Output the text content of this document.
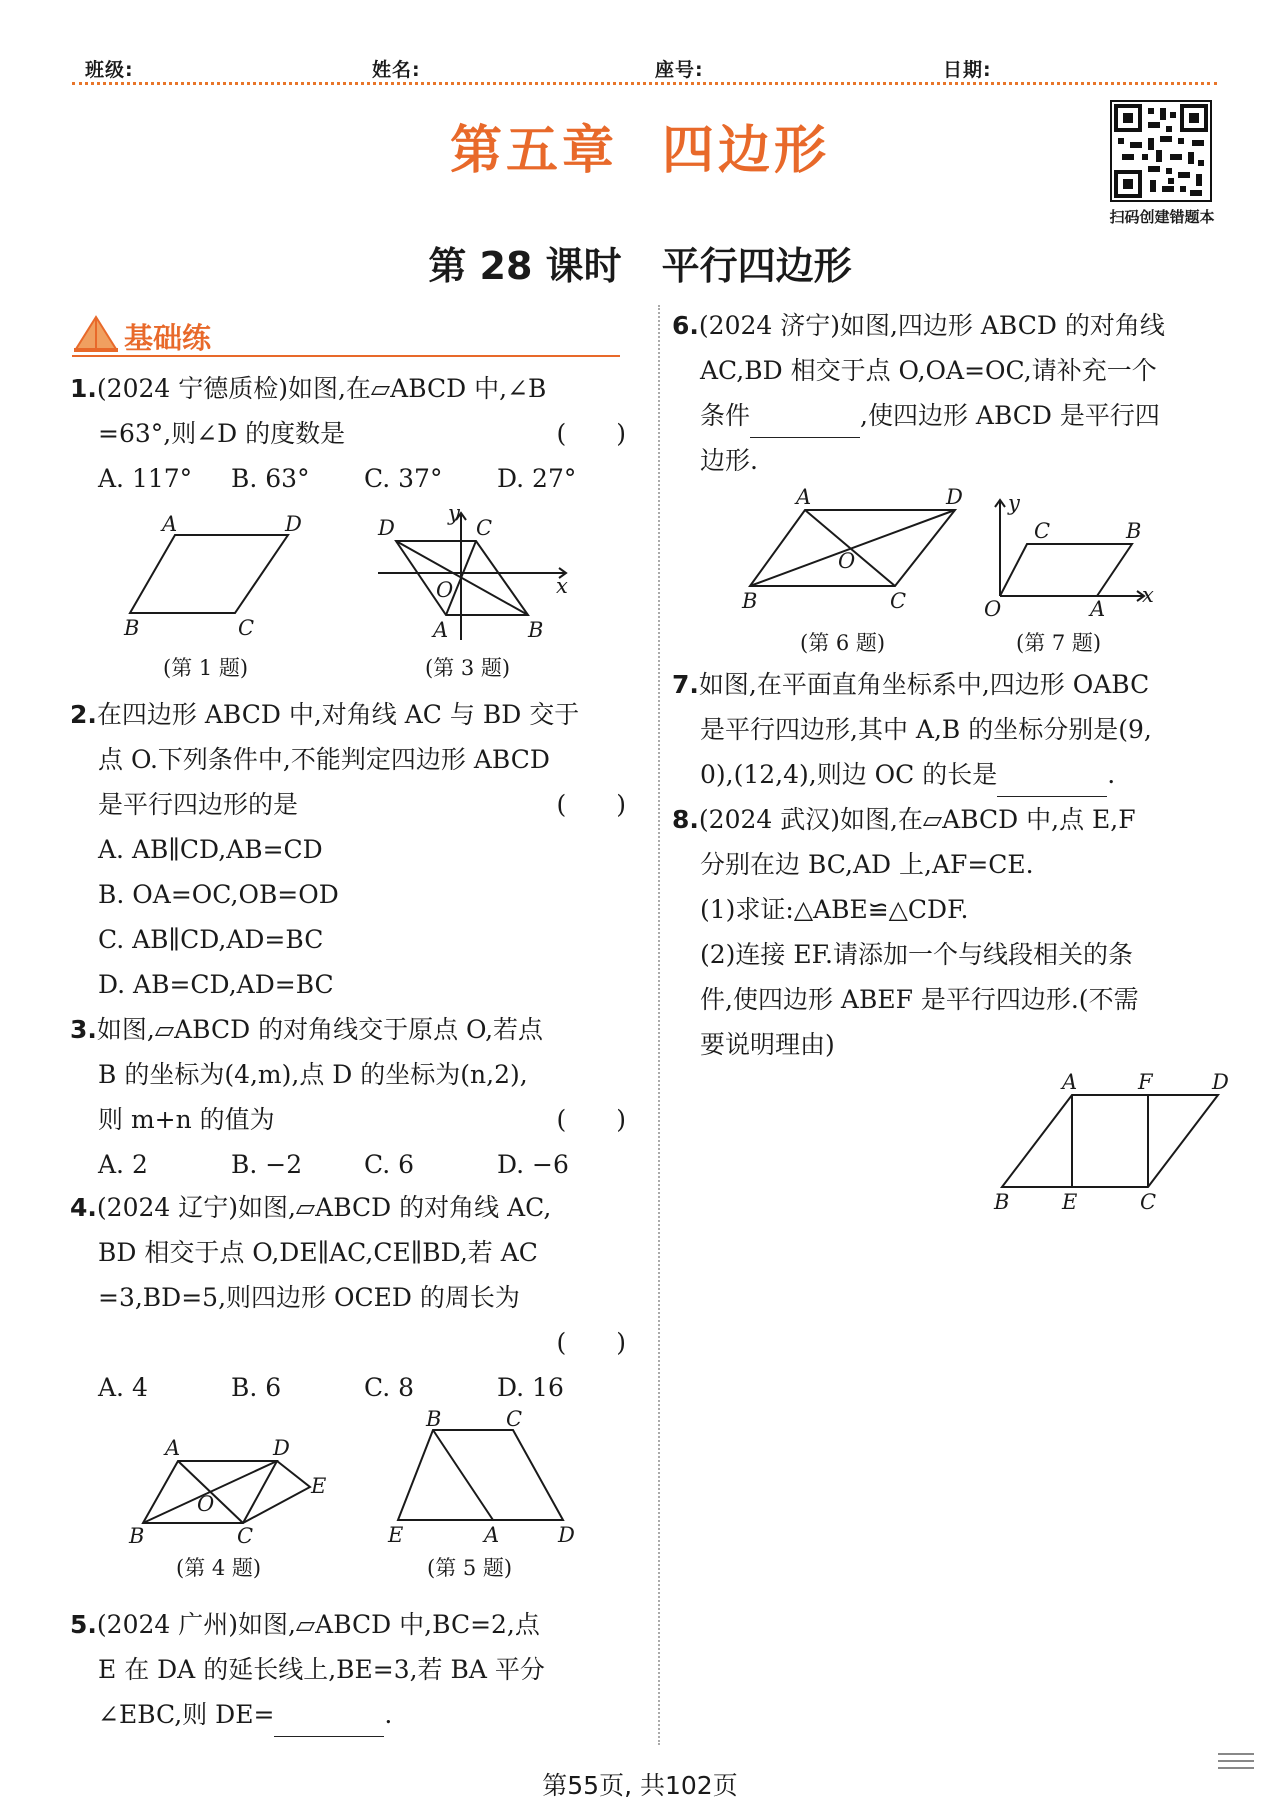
班级:	姓名:	座号:	日期:
第五章 四边形
扫码创建错题本
第 28 课时 平行四边形
基础练
1.(2024 宁德质检)如图,在▱ABCD 中,∠B
=63°,则∠D 的度数是	(　　)
A. 117°	B. 63°	C. 37°	D. 27°
A	D
B	C
(第 1 题)
D	C
y
x
O
A	B
(第 3 题)
2.在四边形 ABCD 中,对角线 AC 与 BD 交于
点 O.下列条件中,不能判定四边形 ABCD
是平行四边形的是	(　　)
A. AB∥CD,AB=CD
B. OA=OC,OB=OD
C. AB∥CD,AD=BC
D. AB=CD,AD=BC
3.如图,▱ABCD 的对角线交于原点 O,若点
B 的坐标为(4,m),点 D 的坐标为(n,2),
则 m+n 的值为	(　　)
A. 2	B. −2	C. 6	D. −6
4.(2024 辽宁)如图,▱ABCD 的对角线 AC,
BD 相交于点 O,DE∥AC,CE∥BD,若 AC
=3,BD=5,则四边形 OCED 的周长为
(　　)

A. 4	B. 6	C. 8	D. 16
A	D
E
O
B	C
(第 4 题)
B	C
E	A	D
(第 5 题)
5.(2024 广州)如图,▱ABCD 中,BC=2,点
E 在 DA 的延长线上,BE=3,若 BA 平分
∠EBC,则 DE=	.
6.(2024 济宁)如图,四边形 ABCD 的对角线
AC,BD 相交于点 O,OA=OC,请补充一个
条件	,使四边形 ABCD 是平行四
边形.
A	D
O
B	C
(第 6 题)
y
C	B
O	A
x
(第 7 题)
7.如图,在平面直角坐标系中,四边形 OABC
是平行四边形,其中 A,B 的坐标分别是(9,
0),(12,4),则边 OC 的长是	.
8.(2024 武汉)如图,在▱ABCD 中,点 E,F
分别在边 BC,AD 上,AF=CE.
(1)求证:△ABE≌△CDF.
(2)连接 EF.请添加一个与线段相关的条
件,使四边形 ABEF 是平行四边形.(不需
要说明理由)
A	F	D
B	E	C
第55页, 共102页
